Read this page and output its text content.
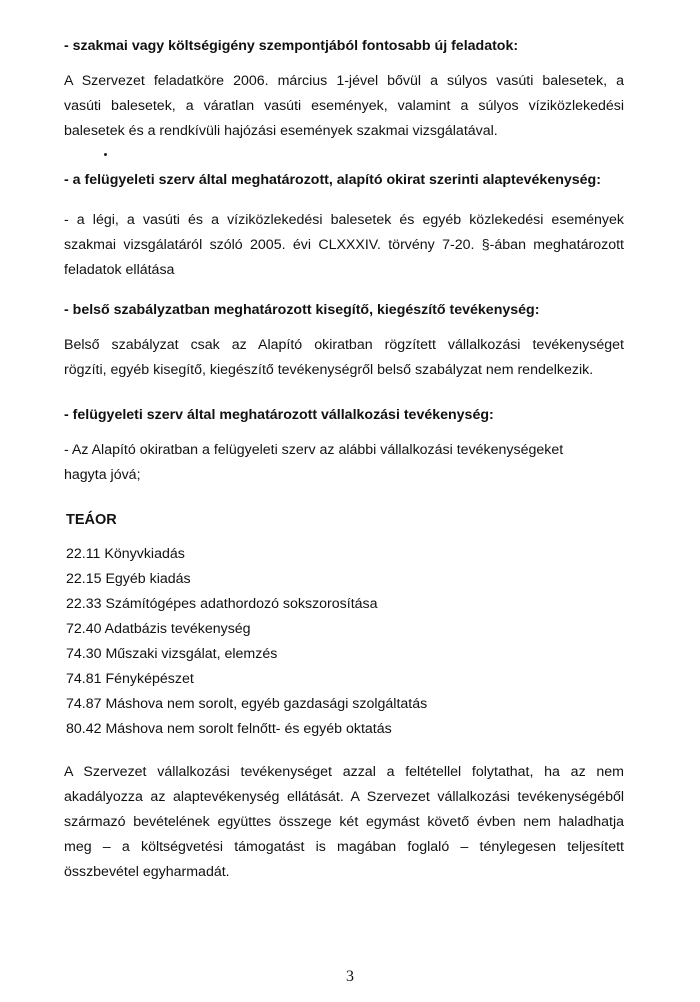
- szakmai vagy költségigény szempontjából fontosabb új feladatok:
A Szervezet feladatköre 2006. március 1-jével bővül a súlyos vasúti balesetek, a
vasúti balesetek, a váratlan vasúti események, valamint a súlyos víziközlekedési
balesetek és a rendkívüli hajózási események szakmai vizsgálatával.
- a felügyeleti szerv által meghatározott, alapító okirat szerinti alaptevékenység:
- a légi, a vasúti és a víziközlekedési balesetek és egyéb közlekedési események
szakmai vizsgálatáról szóló 2005. évi CLXXXIV. törvény 7-20. §-ában meghatározott
feladatok ellátása
- belső szabályzatban meghatározott kisegítő, kiegészítő tevékenység:
Belső szabályzat csak az Alapító okiratban rögzített vállalkozási tevékenységet
rögzíti, egyéb kisegítő, kiegészítő tevékenységről belső szabályzat nem rendelkezik.
- felügyeleti szerv által meghatározott vállalkozási tevékenység:
- Az Alapító okiratban a felügyeleti szerv az alábbi vállalkozási tevékenységeket
hagyta jóvá;
TEÁOR
22.11 Könyvkiadás
22.15 Egyéb kiadás
22.33 Számítógépes adathordozó sokszorosítása
72.40 Adatbázis tevékenység
74.30 Műszaki vizsgálat, elemzés
74.81 Fényképészet
74.87 Máshova nem sorolt, egyéb gazdasági szolgáltatás
80.42 Máshova nem sorolt felnőtt- és egyéb oktatás
A Szervezet vállalkozási tevékenységet azzal a feltétellel folytathat, ha az nem
akadályozza az alaptevékenység ellátását. A Szervezet vállalkozási tevékenységéből
származó bevételének együttes összege két egymást követő évben nem haladhatja
meg – a költségvetési támogatást is magában foglaló – ténylegesen teljesített
összbevétel egyharmadát.
3
